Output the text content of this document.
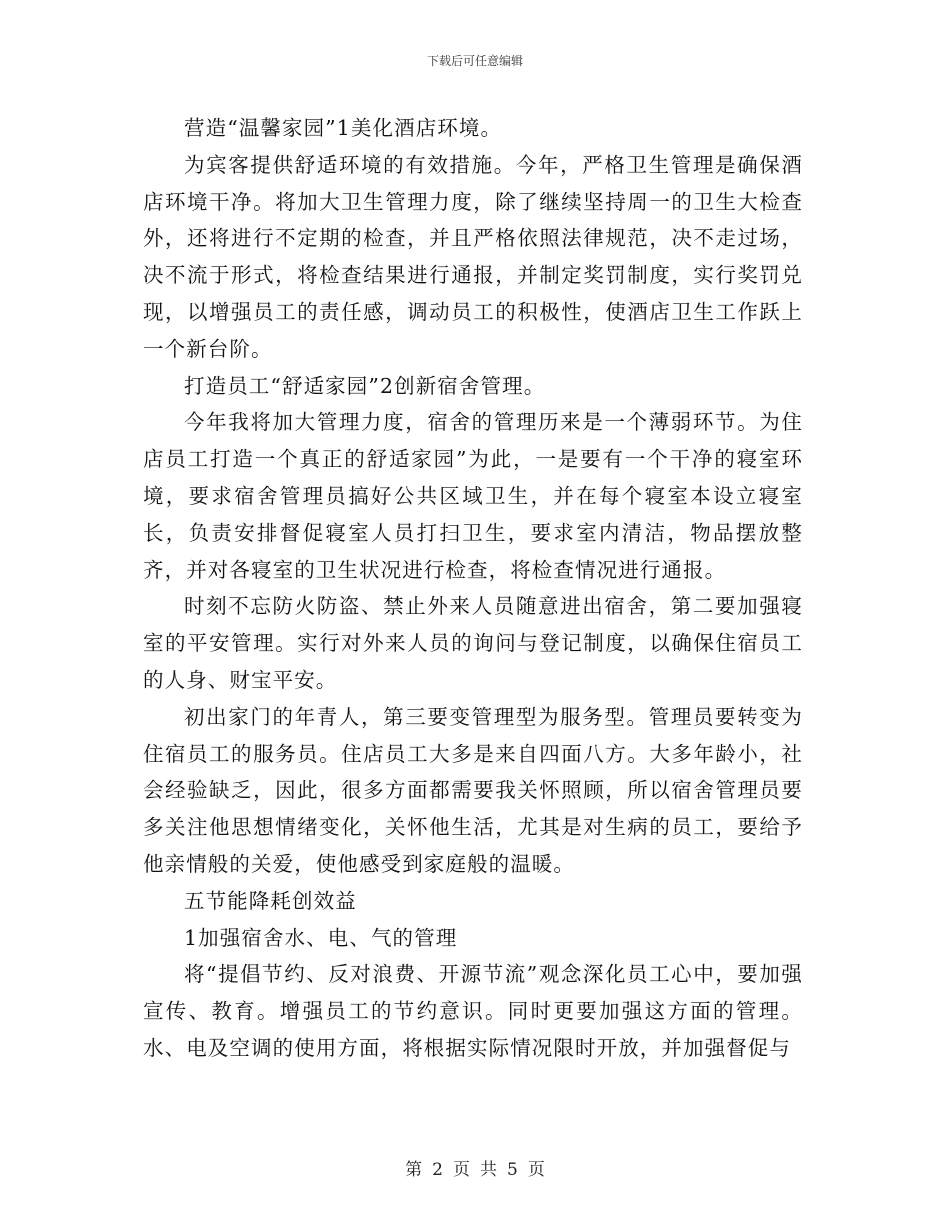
下载后可任意编辑

营造“温馨家园”1美化酒店环境。

为宾客提供舒适环境的有效措施。今年，严格卫生管理是确保酒店环境干净。将加大卫生管理力度，除了继续坚持周一的卫生大检查外，还将进行不定期的检查，并且严格依照法律规范，决不走过场，决不流于形式，将检查结果进行通报，并制定奖罚制度，实行奖罚兑现，以增强员工的责任感，调动员工的积极性，使酒店卫生工作跃上一个新台阶。

打造员工“舒适家园”2创新宿舍管理。

今年我将加大管理力度，宿舍的管理历来是一个薄弱环节。为住店员工打造一个真正的舒适家园”为此，一是要有一个干净的寝室环境，要求宿舍管理员搞好公共区域卫生，并在每个寝室本设立寝室长，负责安排督促寝室人员打扫卫生，要求室内清洁，物品摆放整齐，并对各寝室的卫生状况进行检查，将检查情况进行通报。

时刻不忘防火防盗、禁止外来人员随意进出宿舍，第二要加强寝室的平安管理。实行对外来人员的询问与登记制度，以确保住宿员工的人身、财宝平安。

初出家门的年青人，第三要变管理型为服务型。管理员要转变为住宿员工的服务员。住店员工大多是来自四面八方。大多年龄小，社会经验缺乏，因此，很多方面都需要我关怀照顾，所以宿舍管理员要多关注他思想情绪变化，关怀他生活，尤其是对生病的员工，要给予他亲情般的关爱，使他感受到家庭般的温暖。

五节能降耗创效益

1加强宿舍水、电、气的管理

将“提倡节约、反对浪费、开源节流”观念深化员工心中，要加强宣传、教育。增强员工的节约意识。同时更要加强这方面的管理。水、电及空调的使用方面，将根据实际情况限时开放，并加强督促与

第 2 页 共 5 页
